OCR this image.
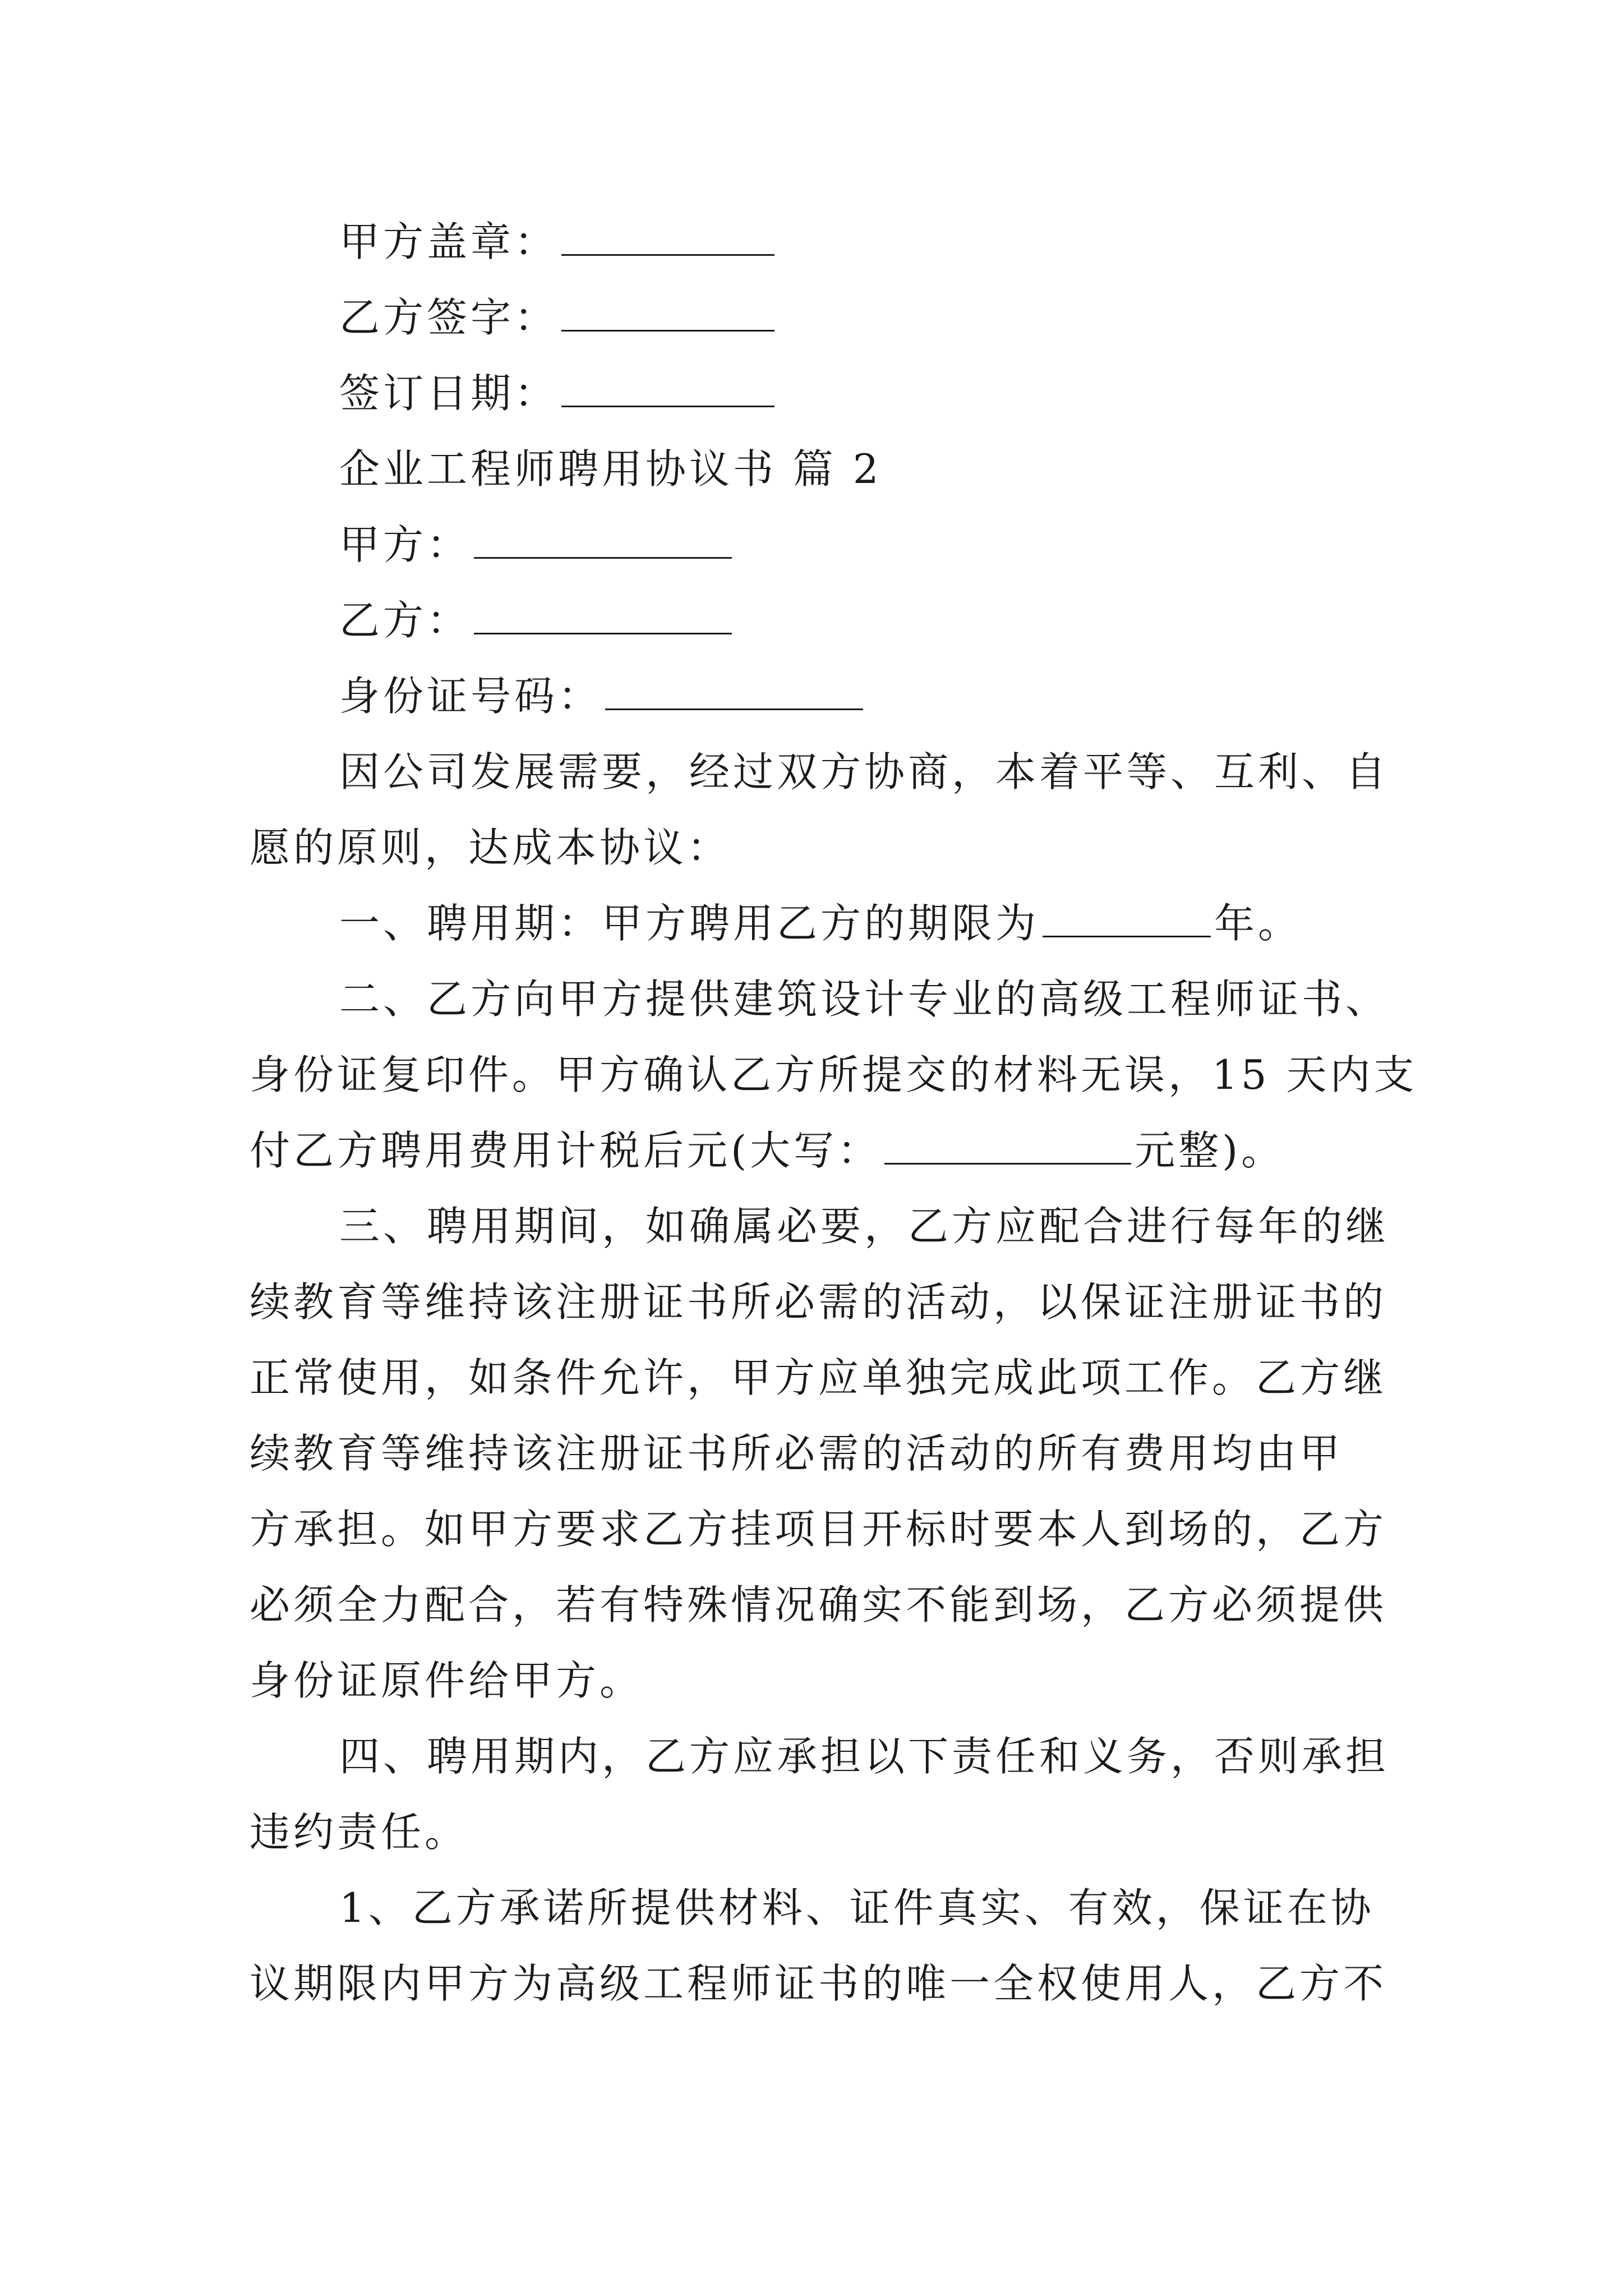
甲方盖章：
乙方签字：
签订日期：
企业工程师聘用协议书 篇 2
甲方：
乙方：
身份证号码：
因公司发展需要，经过双方协商，本着平等、互利、自
愿的原则，达成本协议：
一、聘用期：甲方聘用乙方的期限为	年。
二、乙方向甲方提供建筑设计专业的高级工程师证书、
身份证复印件。甲方确认乙方所提交的材料无误，15 天内支
付乙方聘用费用计税后元(大写：	元整)。
三、聘用期间，如确属必要，乙方应配合进行每年的继
续教育等维持该注册证书所必需的活动，以保证注册证书的
正常使用，如条件允许，甲方应单独完成此项工作。乙方继
续教育等维持该注册证书所必需的活动的所有费用均由甲
方承担。如甲方要求乙方挂项目开标时要本人到场的，乙方
必须全力配合，若有特殊情况确实不能到场，乙方必须提供
身份证原件给甲方。
四、聘用期内，乙方应承担以下责任和义务，否则承担
违约责任。
1、乙方承诺所提供材料、证件真实、有效，保证在协
议期限内甲方为高级工程师证书的唯一全权使用人，乙方不
